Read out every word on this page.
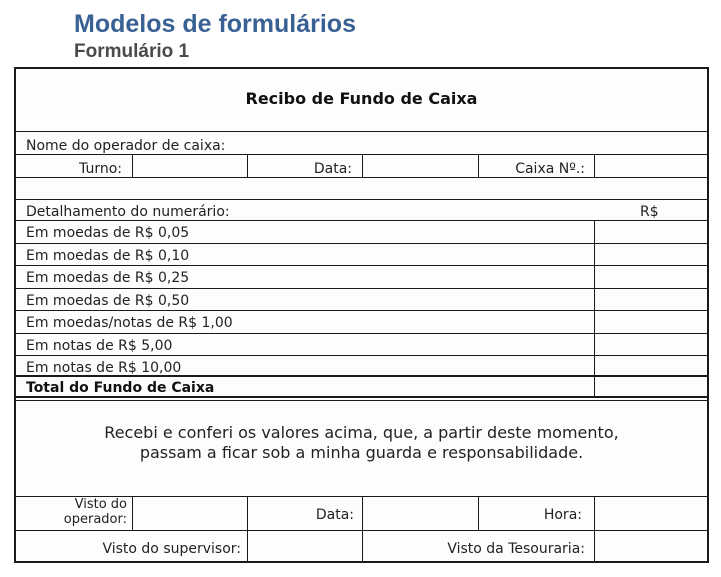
Modelos de formulários
Formulário 1
Recibo de Fundo de Caixa
Nome do operador de caixa:
Turno:	Data:	Caixa Nº.:
Detalhamento do numerário:	R$
Em moedas de R$ 0,05
Em moedas de R$ 0,10
Em moedas de R$ 0,25
Em moedas de R$ 0,50
Em moedas/notas de R$ 1,00
Em notas de R$ 5,00
Em notas de R$ 10,00
Total do Fundo de Caixa
Recebi e conferi os valores acima, que, a partir deste momento,
passam a ficar sob a minha guarda e responsabilidade.
Visto do
operador:	Data:	Hora:
Visto do supervisor:	Visto da Tesouraria:
